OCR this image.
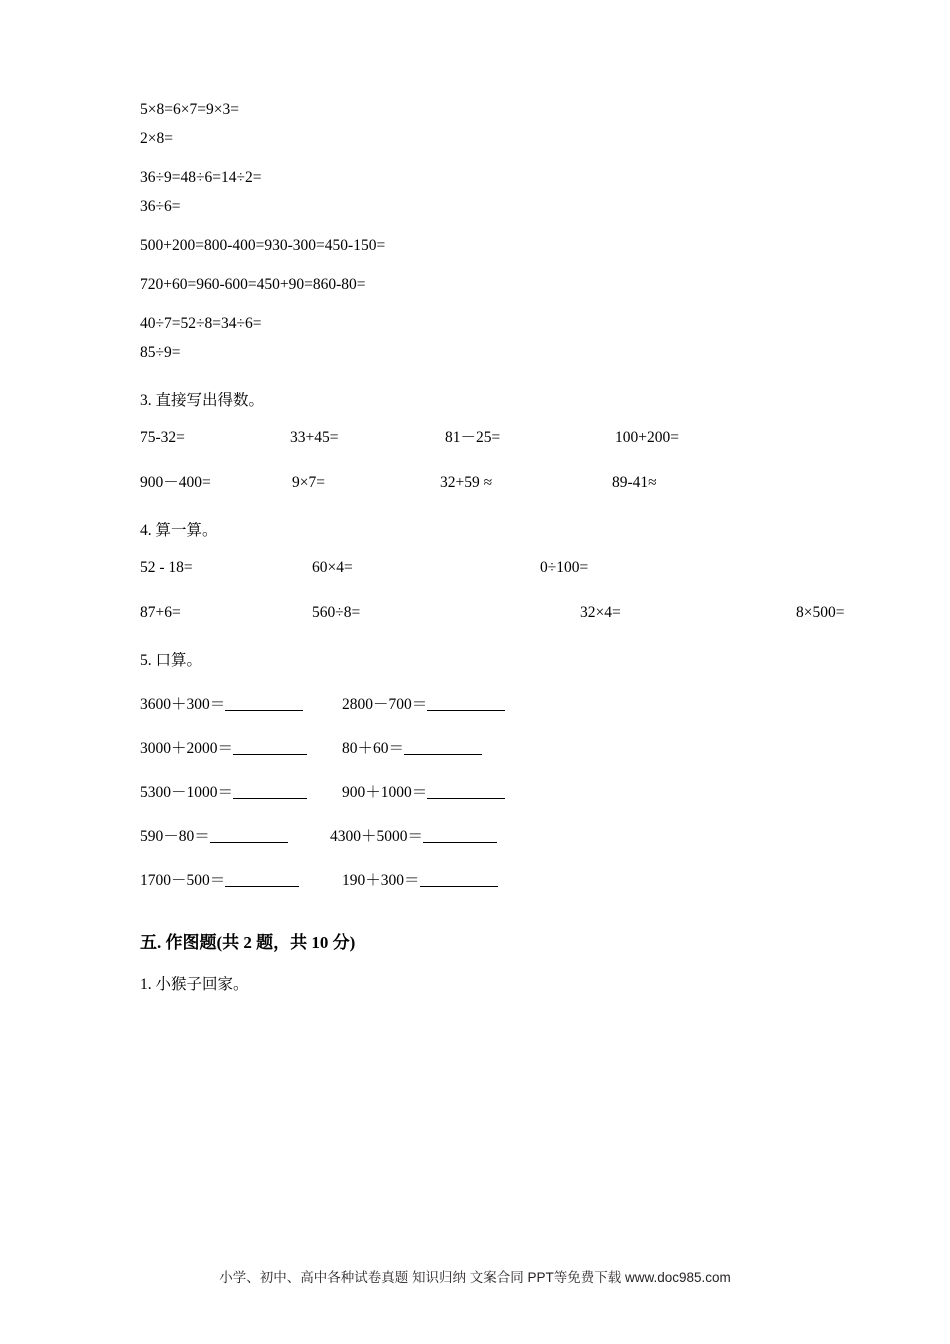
5×8=6×7=9×3=
2×8=
36÷9=48÷6=14÷2=
36÷6=
500+200=800-400=930-300=450-150=
720+60=960-600=450+90=860-80=
40÷7=52÷8=34÷6=
85÷9=
3. 直接写出得数。
75-32=	33+45=	81－25=	100+200=
900－400=	9×7=	32+59 ≈	89-41≈
4. 算一算。
52 - 18=	60×4=	0÷100=
87+6=	560÷8=	32×4=	8×500=
5. 口算。
3600＋300＝	2800－700＝
3000＋2000＝	80＋60＝
5300－1000＝	900＋1000＝
590－80＝	4300＋5000＝
1700－500＝	190＋300＝
五. 作图题(共 2 题，共 10 分)
1. 小猴子回家。
小学、初中、高中各种试卷真题 知识归纳 文案合同 PPT等免费下载 www.doc985.com
